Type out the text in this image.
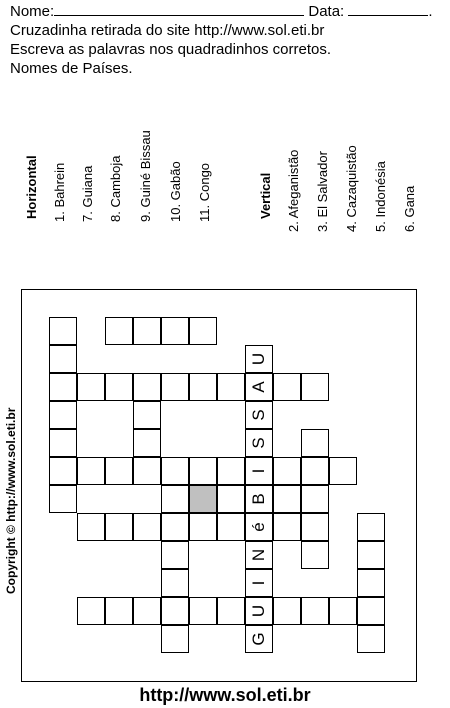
Nome:	Data:	.
Cruzadinha retirada do site http://www.sol.eti.br
Escreva as palavras nos quadradinhos corretos.
Nomes de Países.
Horizontal 1. Bahrein 7. Guiana 8. Camboja 9. Guiné Bissau 10. Gabão 11. Congo	Vertical 2. Afeganistão 3. El Salvador 4. Cazaquistão 5. Indonésia 6. Gana
G
U
I
N
é
B
I
S
S
A
U
Copyright © http://www.sol.eti.br
http://www.sol.eti.br
